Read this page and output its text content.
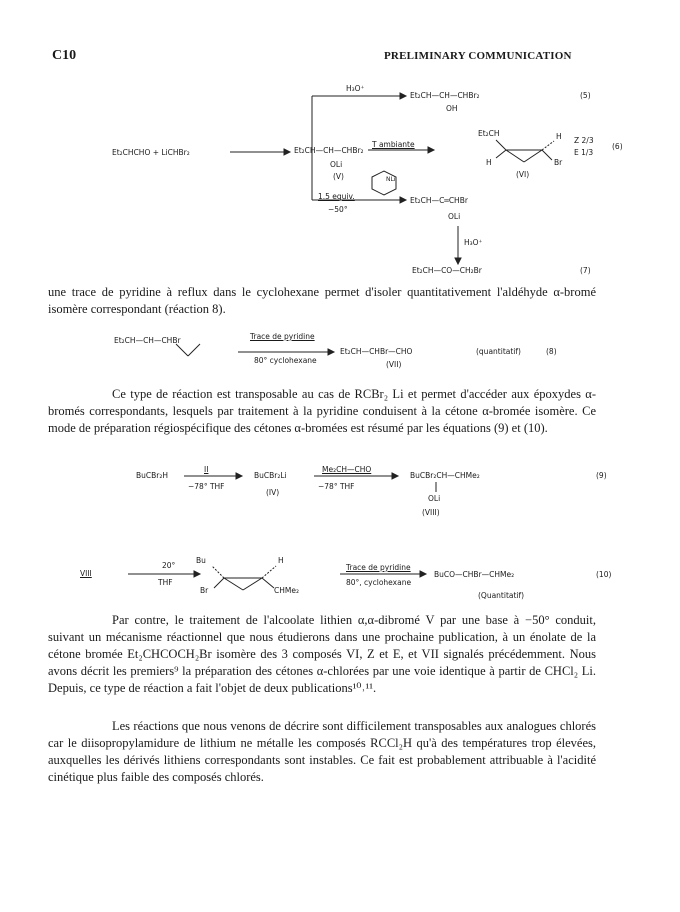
C10	PRELIMINARY COMMUNICATION
Et₂CHCHO + LiCHBr₂	Et₂CH—CH—CHBr₂
OLi
(V)
H₃O⁺
Et₂CH—CH—CHBr₂
OH
(5)
T ambiante
Et₂CH	H
H	Br
(VI)
Z 2/3
E 1/3
(6)
NLi
1.5 equiv.
−50°
Et₂CH—C═CHBr
OLi
H₃O⁺
Et₂CH—CO—CH₂Br	(7)
une trace de pyridine à reflux dans le cyclohexane permet d'isoler quantitativement l'aldéhyde α-bromé isomère correspondant (réaction 8).
Et₂CH—CH—CHBr	Trace de pyridine
80° cyclohexane
Et₂CH—CHBr—CHO	(quantitatif)	(8)
(VII)
Ce type de réaction est transposable au cas de RCBr₂ Li et permet d'accéder aux époxydes α-bromés correspondants, lesquels par traitement à la pyridine conduisent à la cétone α-bromée isomère. Ce mode de préparation régiospécifique des cétones α-bromées est résumé par les équations (9) et (10).
BuCBr₂H
II
−78° THF
BuCBr₂Li
(IV)
Me₂CH—CHO
−78° THF
BuCBr₂CH—CHMe₂
OLi
(VIII)
(9)
VIII
20°
THF
Bu	H
Br	CHMe₂
Trace de pyridine
80°, cyclohexane
BuCO—CHBr—CHMe₂	(10)
(Quantitatif)
Par contre, le traitement de l'alcoolate lithien α,α-dibromé V par une base à −50° conduit, suivant un mécanisme réactionnel que nous étudierons dans une prochaine publication, à un énolate de la cétone bromée Et₂CHCOCH₂Br isomère des 3 composés VI, Z et E, et VII signalés précédemment. Nous avons décrit les premiers⁹ la préparation des cétones α-chlorées par une voie identique à partir de CHCl₂ Li. Depuis, ce type de réaction a fait l'objet de deux publications¹⁰˒¹¹.
Les réactions que nous venons de décrire sont difficilement transposables aux analogues chlorés car le diisopropylamidure de lithium ne métalle les composés RCCl₂H qu'à des températures trop élevées, auxquelles les dérivés lithiens correspondants sont instables. Ce fait est probablement attribuable à l'acidité cinétique plus faible des composés chlorés.
